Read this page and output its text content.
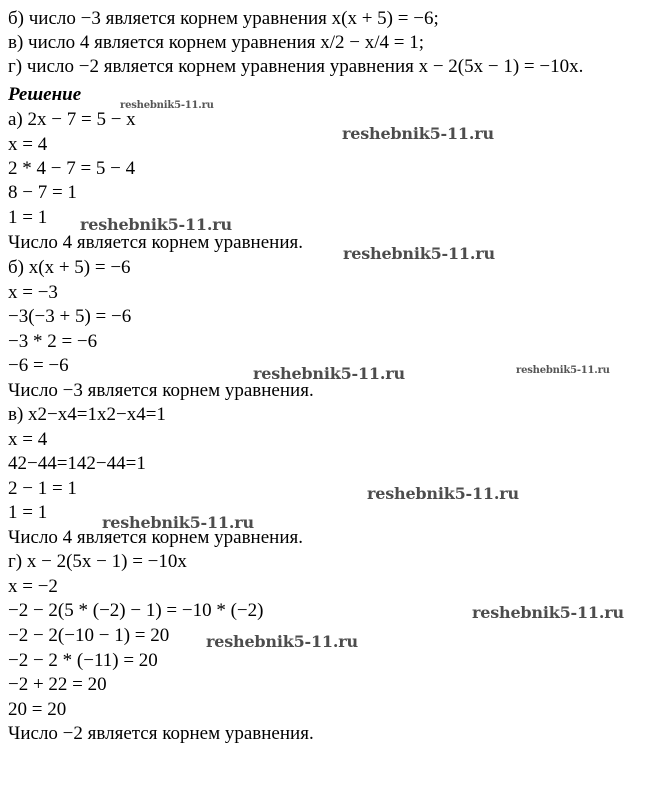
б) число −3 является корнем уравнения x(x + 5) = −6;
в) число 4 является корнем уравнения x/2 − x/4 = 1;
г) число −2 является корнем уравнения уравнения x − 2(5x − 1) = −10x.
Решение
а) 2x − 7 = 5 − x
x = 4
2 * 4 − 7 = 5 − 4
8 − 7 = 1
1 = 1
Число 4 является корнем уравнения.
б) x(x + 5) = −6
x = −3
−3(−3 + 5) = −6
−3 * 2 = −6
−6 = −6
Число −3 является корнем уравнения.
в) x2−x4=1x2−x4=1
x = 4
42−44=142−44=1
2 − 1 = 1
1 = 1
Число 4 является корнем уравнения.
г) x − 2(5x − 1) = −10x
x = −2
−2 − 2(5 * (−2) − 1) = −10 * (−2)
−2 − 2(−10 − 1) = 20
−2 − 2 * (−11) = 20
−2 + 22 = 20
20 = 20
Число −2 является корнем уравнения.
reshebnik5-11.ru
reshebnik5-11.ru
reshebnik5-11.ru
reshebnik5-11.ru
reshebnik5-11.ru	reshebnik5-11.ru
reshebnik5-11.ru
reshebnik5-11.ru
reshebnik5-11.ru
reshebnik5-11.ru
